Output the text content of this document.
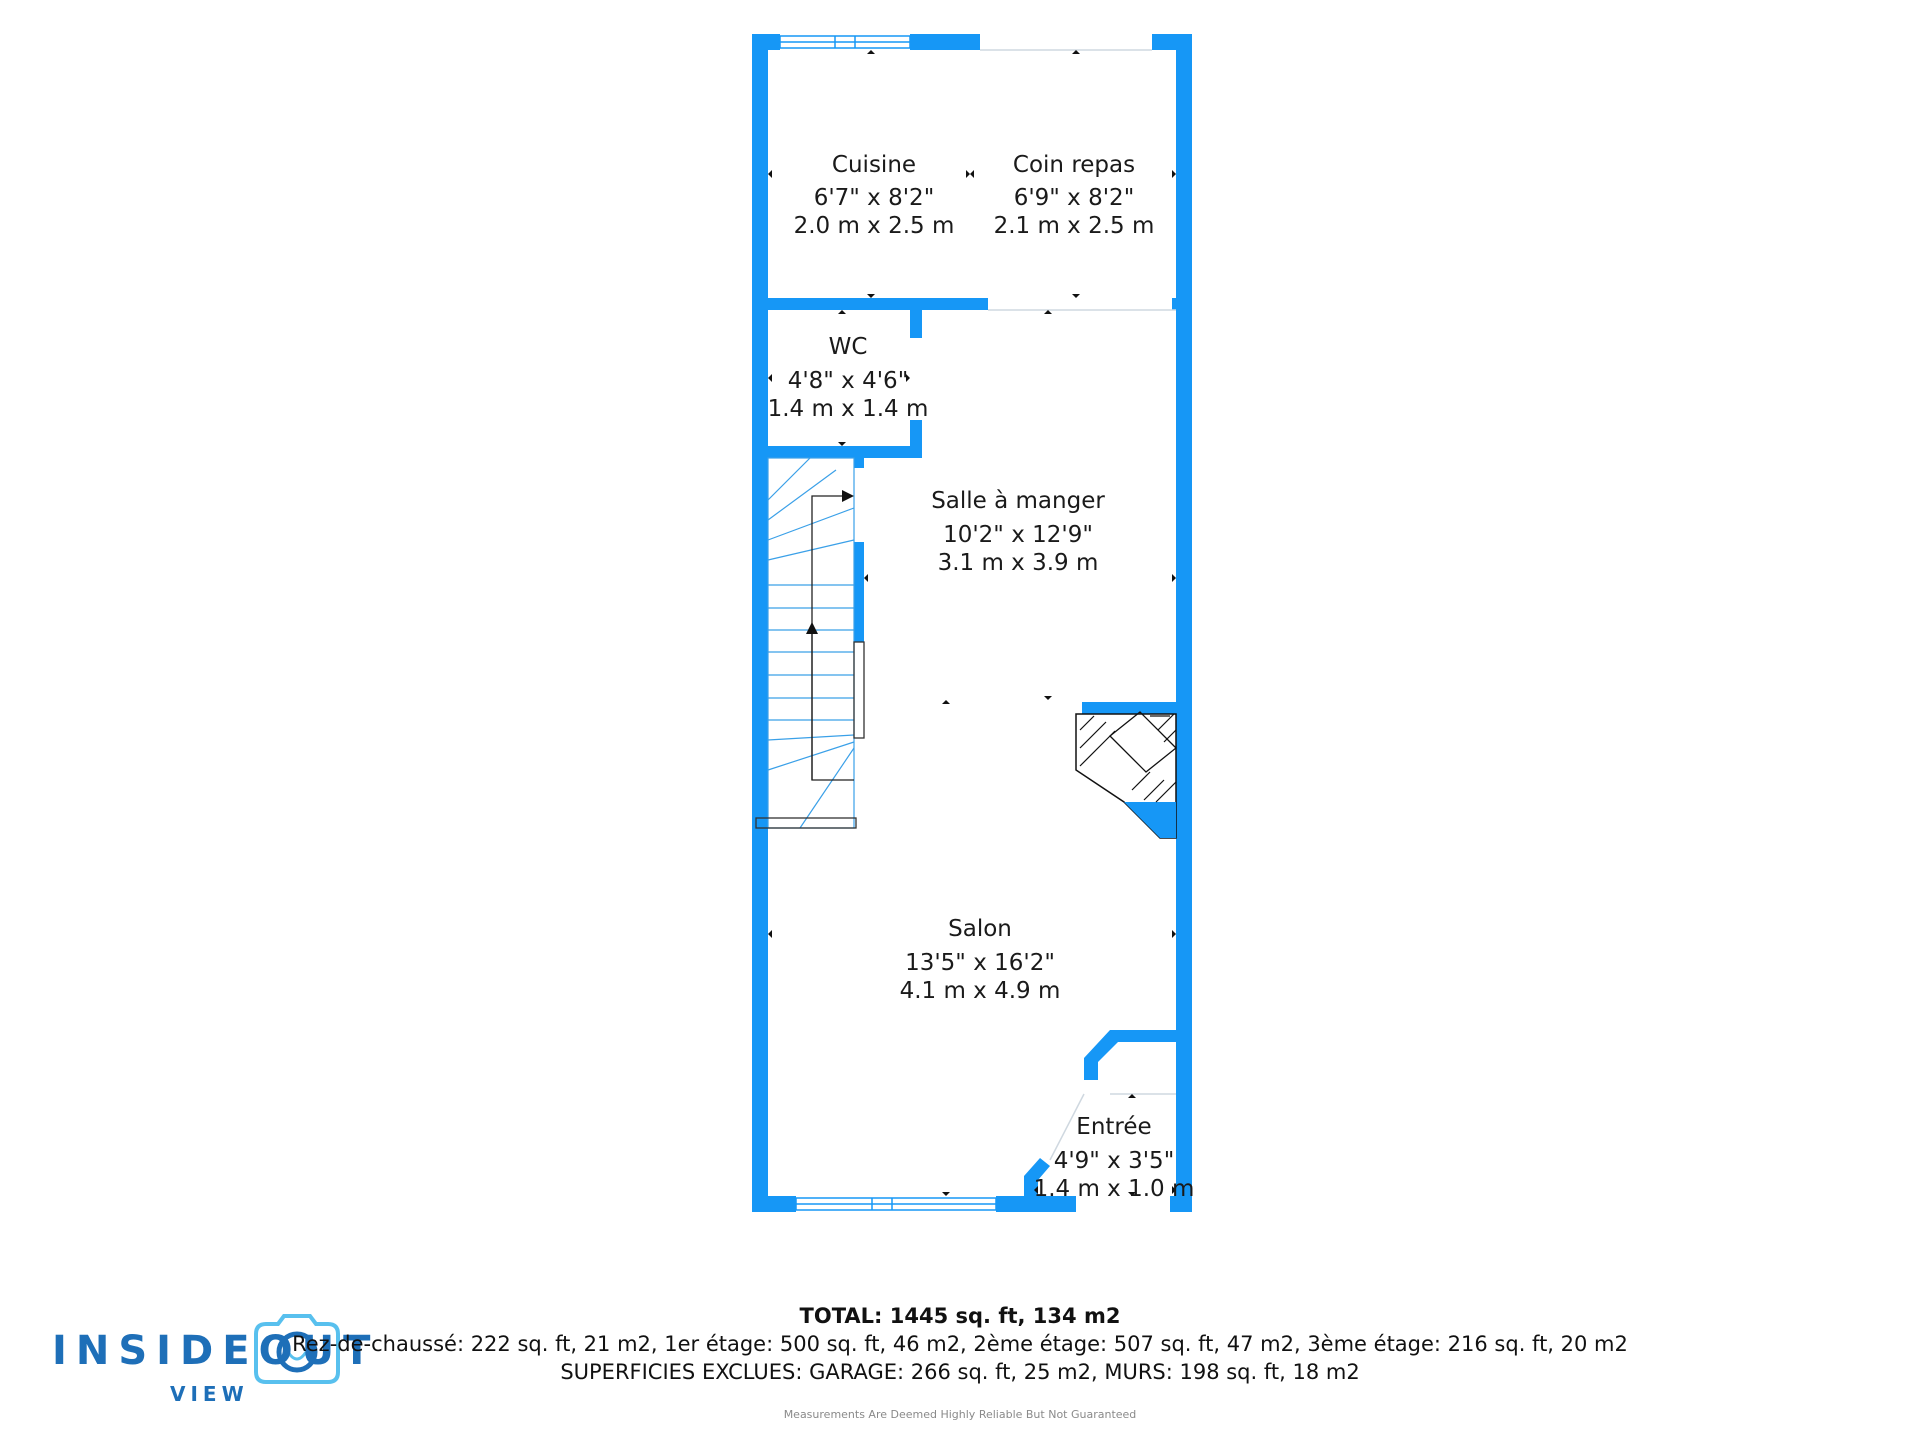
Cuisine
6'7" x 8'2"
2.0 m x 2.5 m
Coin repas
6'9" x 8'2"
2.1 m x 2.5 m
WC
4'8" x 4'6"
1.4 m x 1.4 m
Salle à manger
10'2" x 12'9"
3.1 m x 3.9 m
Salon
13'5" x 16'2"
4.1 m x 4.9 m
Entrée
4'9" x 3'5"
1.4 m x 1.0 m
INSIDEOUT
VIEW
TOTAL: 1445 sq. ft, 134 m2
Rez-de-chaussé: 222 sq. ft, 21 m2, 1er étage: 500 sq. ft, 46 m2, 2ème étage: 507 sq. ft, 47 m2, 3ème étage: 216 sq. ft, 20 m2
SUPERFICIES EXCLUES: GARAGE: 266 sq. ft, 25 m2, MURS: 198 sq. ft, 18 m2
Measurements Are Deemed Highly Reliable But Not Guaranteed
